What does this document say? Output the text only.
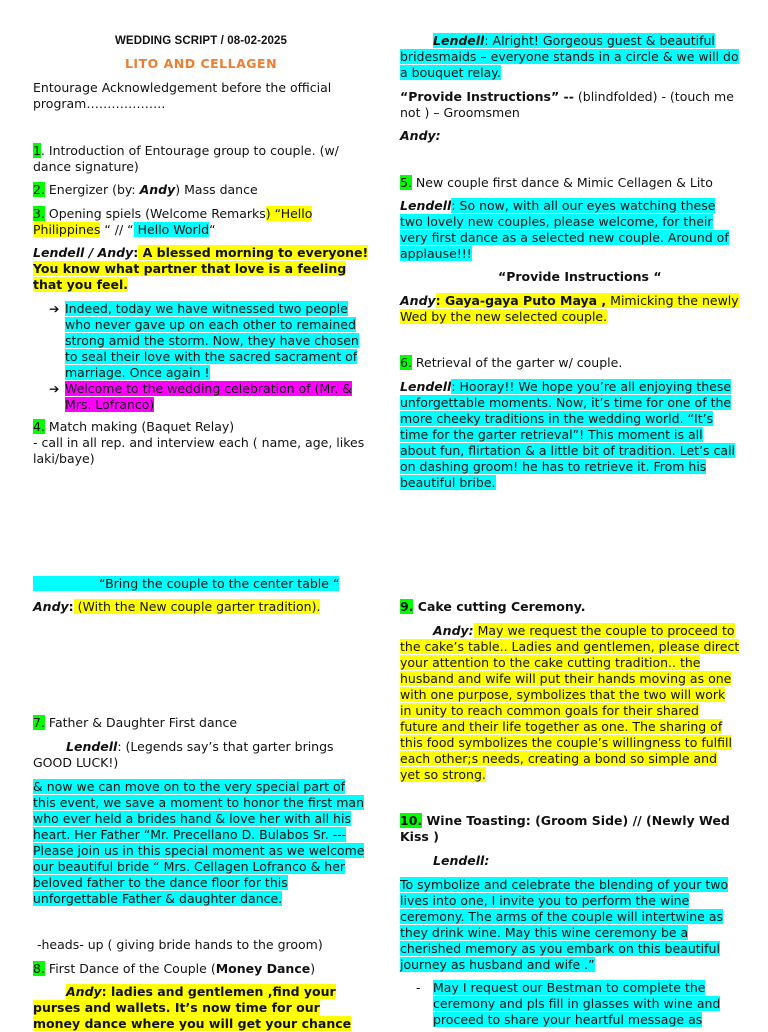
WEDDING SCRIPT / 08-02-2025
LITO AND CELLAGEN
Entourage Acknowledgement before the official program……………….
1. Introduction of Entourage group to couple. (w/ dance signature)
2. Energizer (by: Andy) Mass dance
3. Opening spiels (Welcome Remarks) “Hello Philippines “ // “ Hello World“
Lendell / Andy: A blessed morning to everyone! You know what partner that love is a feeling that you feel.
➔ Indeed, today we have witnessed two people who never gave up on each other to remained strong amid the storm. Now, they have chosen to seal their love with the sacred sacrament of marriage. Once again !
➔ Welcome to the wedding celebration of (Mr. & Mrs. Lofranco)
4. Match making (Baquet Relay)
- call in all rep. and interview each ( name, age, likes laki/baye)
“Bring the couple to the center table “
Andy: (With the New couple garter tradition).
7. Father & Daughter First dance
Lendell: (Legends say’s that garter brings GOOD LUCK!)
& now we can move on to the very special part of this event, we save a moment to honor the first man who ever held a brides hand & love her with all his heart. Her Father “Mr. Precellano D. Bulabos Sr. --- Please join us in this special moment as we welcome our beautiful bride “ Mrs. Cellagen Lofranco & her beloved father to the dance floor for this unforgettable Father & daughter dance.
-heads- up ( giving bride hands to the groom)
8. First Dance of the Couple (Money Dance)
Andy: ladies and gentlemen ,find your purses and wallets. It’s now time for our money dance where you will get your chance
Lendell: Alright! Gorgeous guest & beautiful bridesmaids – everyone stands in a circle & we will do a bouquet relay.
“Provide Instructions” -- (blindfolded) - (touch me not ) – Groomsmen
Andy:
5. New couple first dance & Mimic Cellagen & Lito
Lendell: So now, with all our eyes watching these two lovely new couples, please welcome, for their very first dance as a selected new couple. Around of applause!!!
“Provide Instructions “
Andy: Gaya-gaya Puto Maya , Mimicking the newly Wed by the new selected couple.
6. Retrieval of the garter w/ couple.
Lendell: Hooray!! We hope you’re all enjoying these unforgettable moments. Now, it’s time for one of the more cheeky traditions in the wedding world. “It’s time for the garter retrieval”! This moment is all about fun, flirtation & a little bit of tradition. Let’s call on dashing groom! he has to retrieve it. From his beautiful bribe.
9. Cake cutting Ceremony.
Andy: May we request the couple to proceed to the cake’s table.. Ladies and gentlemen, please direct your attention to the cake cutting tradition.. the husband and wife will put their hands moving as one with one purpose, symbolizes that the two will work in unity to reach common goals for their shared future and their life together as one. The sharing of this food symbolizes the couple’s willingness to fulfill each other;s needs, creating a bond so simple and yet so strong.
10. Wine Toasting: (Groom Side) // (Newly Wed Kiss )
Lendell:
To symbolize and celebrate the blending of your two lives into one, I invite you to perform the wine ceremony. The arms of the couple will intertwine as they drink wine. May this wine ceremony be a cherished memory as you embark on this beautiful journey as husband and wife .”
- May I request our Bestman to complete the ceremony and pls fill in glasses with wine and proceed to share your heartful message as
